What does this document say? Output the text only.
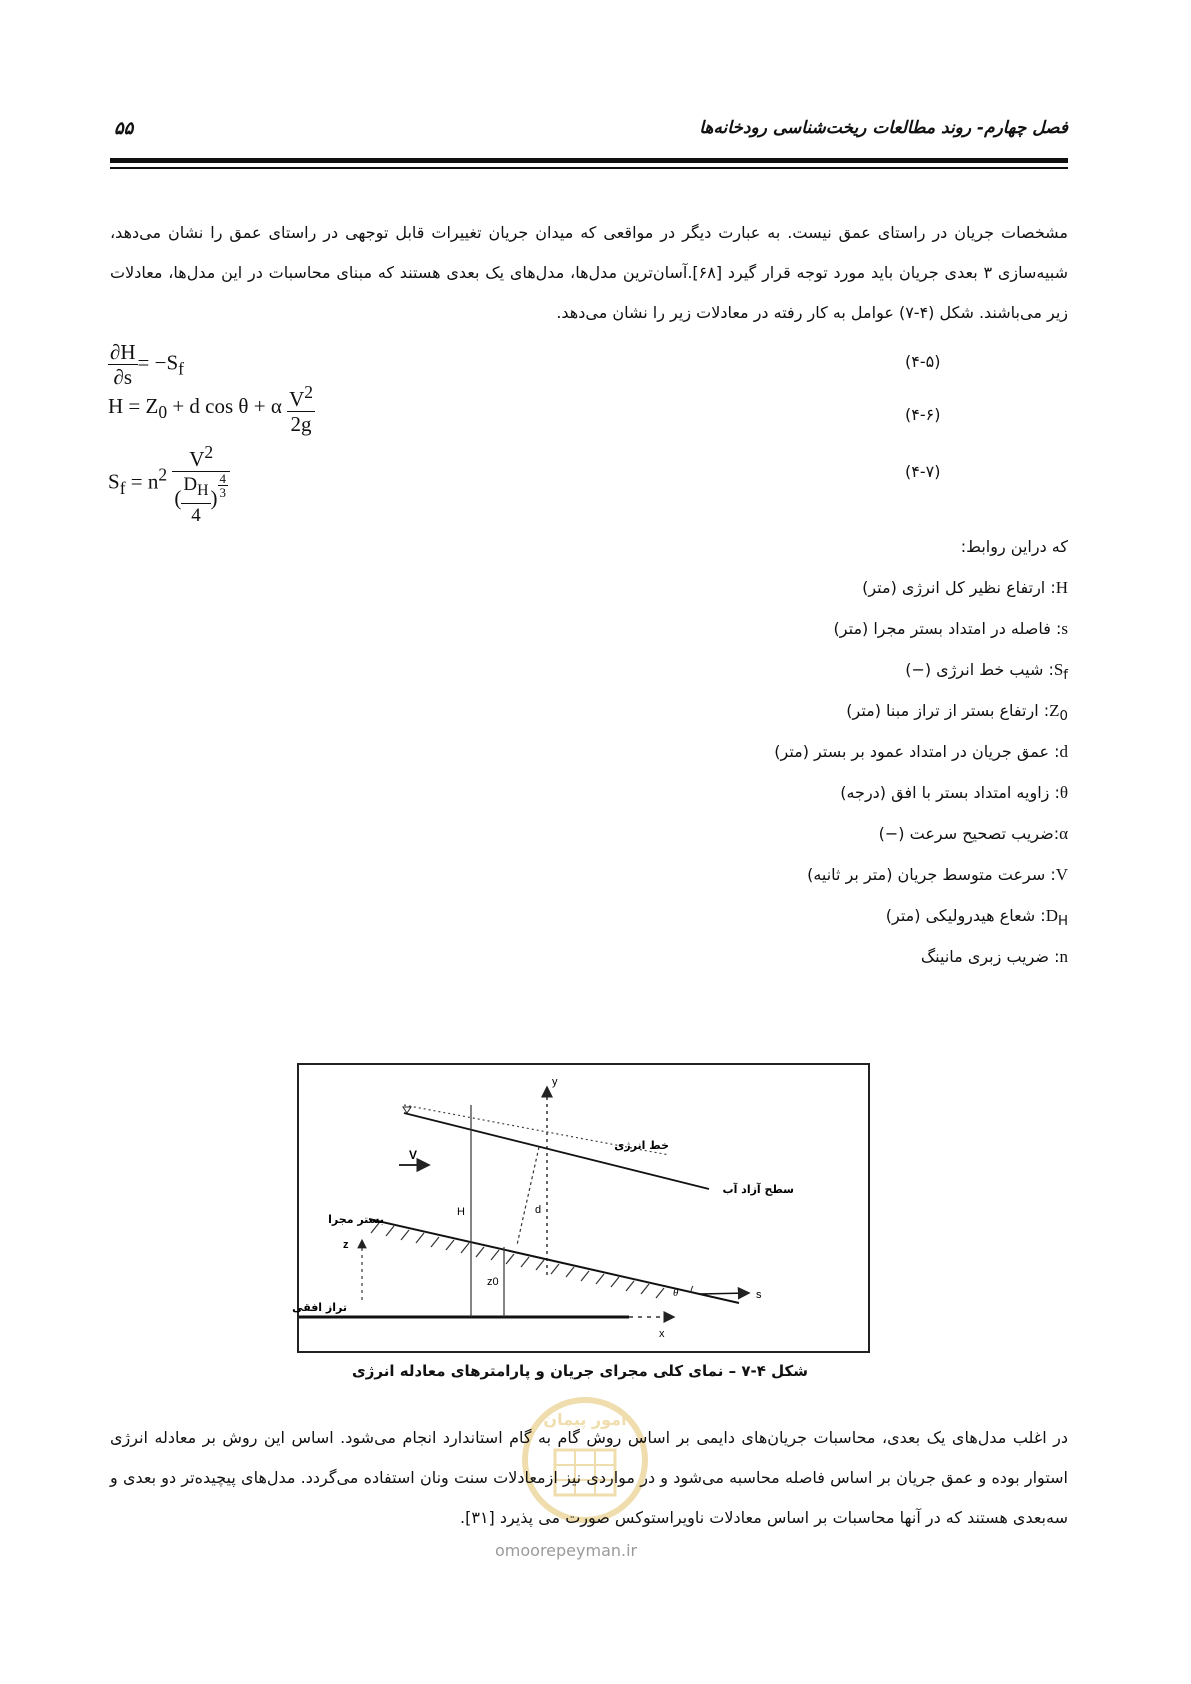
فصل چهارم- روند مطالعات ریخت‌شناسی رودخانه‌ها
۵۵
مشخصات جریان در راستای عمق نیست. به عبارت دیگر در مواقعی که میدان جریان تغییرات قابل توجهی در راستای عمق را نشان می‌دهد، شبیه‌سازی ۳ بعدی جریان باید مورد توجه قرار گیرد [۶۸].آسان‌ترین مدل‌ها، مدل‌های یک بعدی هستند که مبنای محاسبات در این مدل‌ها، معادلات زیر می‌باشند. شکل (۴-۷) عوامل به کار رفته در معادلات زیر را نشان می‌دهد.
$\frac{\partial H}{\partial s} = -S_f$	(۴-۵)
$H = Z_0 + d$ cos θ + α $\frac{V^2}{2g}$	(۴-۶)
$S_f = n^2 \frac{V^2}{( \frac{D_H}{4} ) \frac{4}{3}}$	(۴-۷)
که دراین روابط:
H: ارتفاع نظیر کل انرژی (متر)
s: فاصله در امتداد بستر مجرا (متر)
$S_f$: شیب خط انرژی (−)
$Z_0$: ارتفاع بستر از تراز مبنا (متر)
d: عمق جریان در امتداد عمود بر بستر (متر)
θ: زاویه امتداد بستر با افق (درجه)
α:ضریب تصحیح سرعت (−)
V: سرعت متوسط جریان (متر بر ثانیه)
$D_H$: شعاع هیدرولیکی (متر)
n: ضریب زبری مانینگ
خط انرژی
سطح آزاد آب
بستر مجرا
تراز افقی
V
H	d
z
z0
θ	s
x
y
شکل ۴-۷ – نمای کلی مجرای جریان و پارامترهای معادله انرژی
امور پیمان
در اغلب مدل‌های یک بعدی، محاسبات جریان‌های دایمی بر اساس روش گام به گام استاندارد انجام می‌شود. اساس این روش بر معادله انرژی استوار بوده و عمق جریان بر اساس فاصله محاسبه می‌شود و در مواردی نیز ازمعادلات سنت ونان استفاده می‌گردد. مدل‌های پیچیده‌تر دو بعدی و سه‌بعدی هستند که در آنها محاسبات بر اساس معادلات ناویراستوکس صورت می پذیرد [۳۱].
omoorepeyman.ir
